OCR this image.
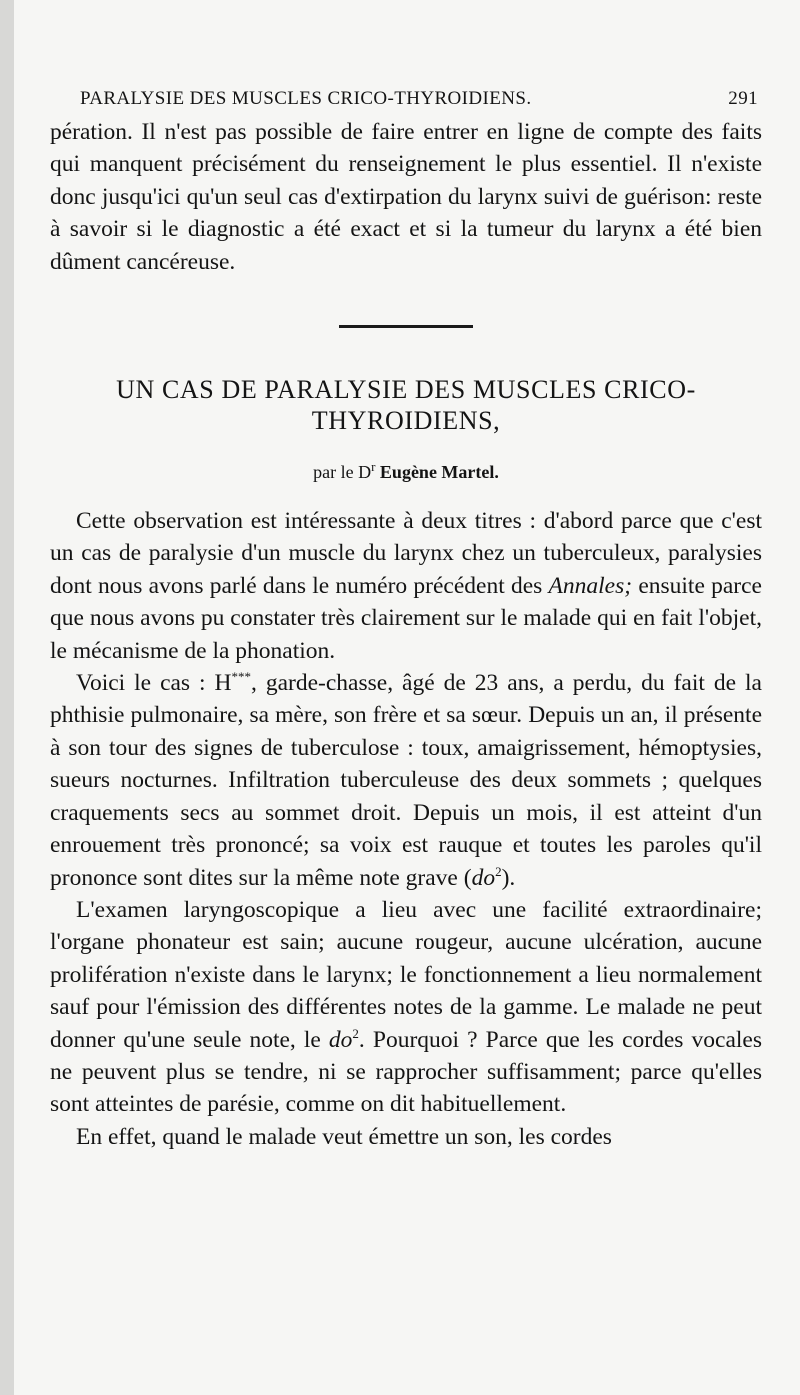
PARALYSIE DES MUSCLES CRICO-THYROIDIENS.	291

pération. Il n'est pas possible de faire entrer en ligne de compte des faits qui manquent précisément du renseignement le plus essentiel. Il n'existe donc jusqu'ici qu'un seul cas d'extirpation du larynx suivi de guérison: reste à savoir si le diagnostic a été exact et si la tumeur du larynx a été bien dûment cancéreuse.

UN CAS DE PARALYSIE DES MUSCLES CRICO-
THYROIDIENS,
par le $D^r$ Eugène Martel.

Cette observation est intéressante à deux titres : d'abord parce que c'est un cas de paralysie d'un muscle du larynx chez un tuberculeux, paralysies dont nous avons parlé dans le numéro précédent des Annales; ensuite parce que nous avons pu constater très clairement sur le malade qui en fait l'objet, le mécanisme de la phonation.

Voici le cas : H***, garde-chasse, âgé de 23 ans, a perdu, du fait de la phthisie pulmonaire, sa mère, son frère et sa sœur. Depuis un an, il présente à son tour des signes de tuberculose : toux, amaigrissement, hémoptysies, sueurs nocturnes. Infiltration tuberculeuse des deux sommets ; quelques craquements secs au sommet droit. Depuis un mois, il est atteint d'un enrouement très prononcé; sa voix est rauque et toutes les paroles qu'il prononce sont dites sur la même note grave $(do^2)$.

L'examen laryngoscopique a lieu avec une facilité extraordinaire; l'organe phonateur est sain; aucune rougeur, aucune ulcération, aucune prolifération n'existe dans le larynx; le fonctionnement a lieu normalement sauf pour l'émission des différentes notes de la gamme. Le malade ne peut donner qu'une seule note, le $do^2$. Pourquoi ? Parce que les cordes vocales ne peuvent plus se tendre, ni se rapprocher suffisamment; parce qu'elles sont atteintes de parésie, comme on dit habituellement.

En effet, quand le malade veut émettre un son, les cordes
